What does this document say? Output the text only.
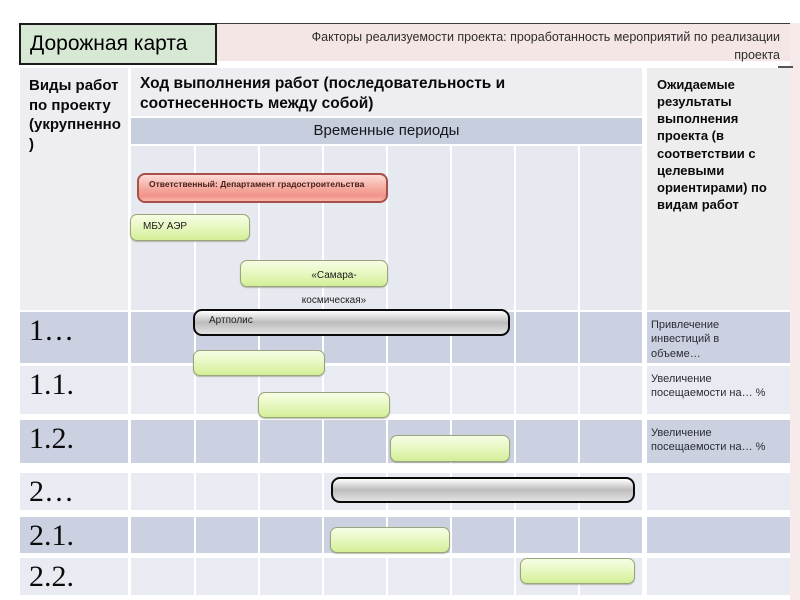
Дорожная карта	Факторы реализуемости проекта: проработанность мероприятий по реализации проекта
Виды работ по проекту (укрупненно)
Ход выполнения работ (последовательность и соотнесенность между собой)
Временные периоды
Ожидаемые результаты выполнения проекта (в соответствии с целевыми ориентирами) по видам работ
1…
1.1.
1.2.
2…
2.1.
2.2.
Привлечение инвестиций в объеме…
Увеличение посещаемости на… %
Увеличение посещаемости на… %
Ответственный: Департамент градостроительства
МБУ АЭР
«Самара-
космическая»
Артполис
